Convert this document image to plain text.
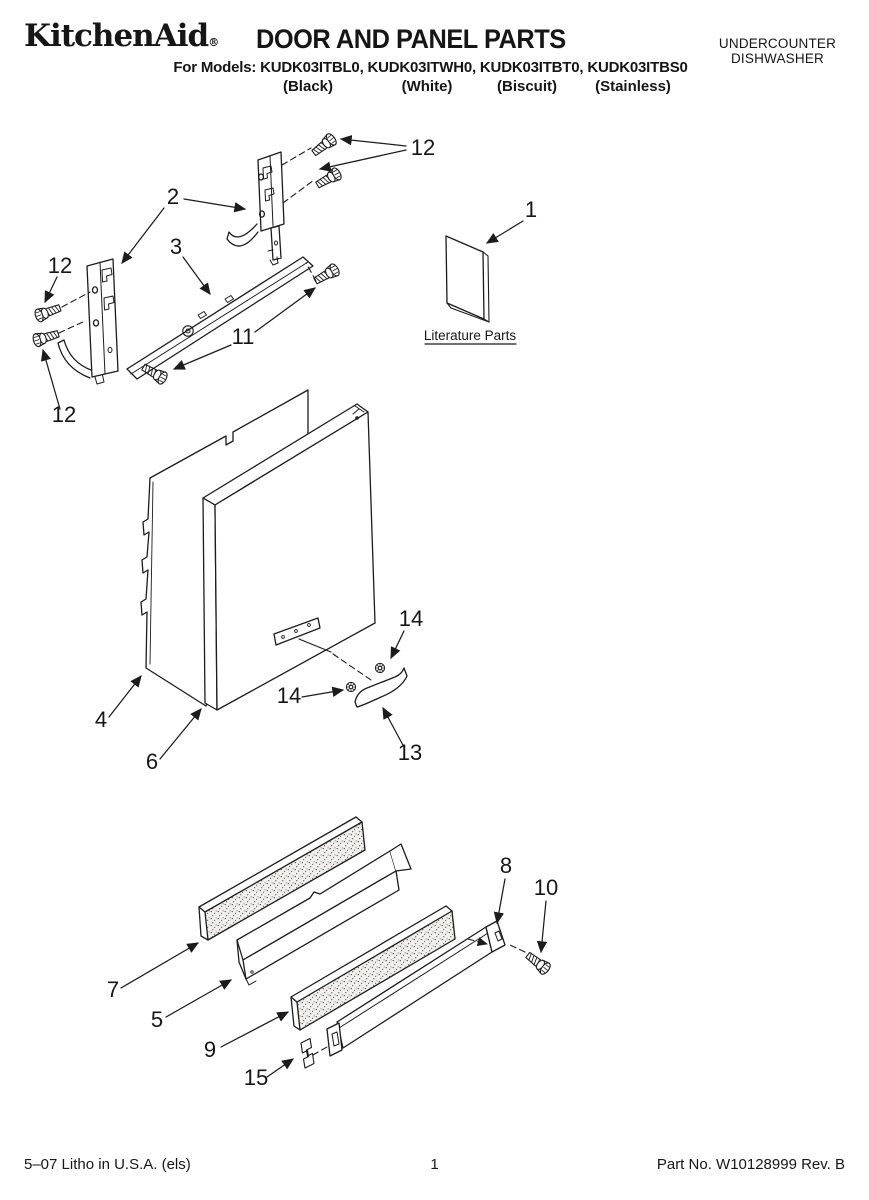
KitchenAid® DOOR AND PANEL PARTS
For Models: KUDK03ITBL0, KUDK03ITWH0, KUDK03ITBT0, KUDK03ITBS0
(Black)	(White)	(Biscuit)	(Stainless)
UNDERCOUNTER
DISHWASHER
12
2
3
12
12
11
1
4
6
14
14
13
7
5
9
15
8
10
Literature Parts
5–07 Litho in U.S.A. (els)	1	Part No. W10128999 Rev. B
